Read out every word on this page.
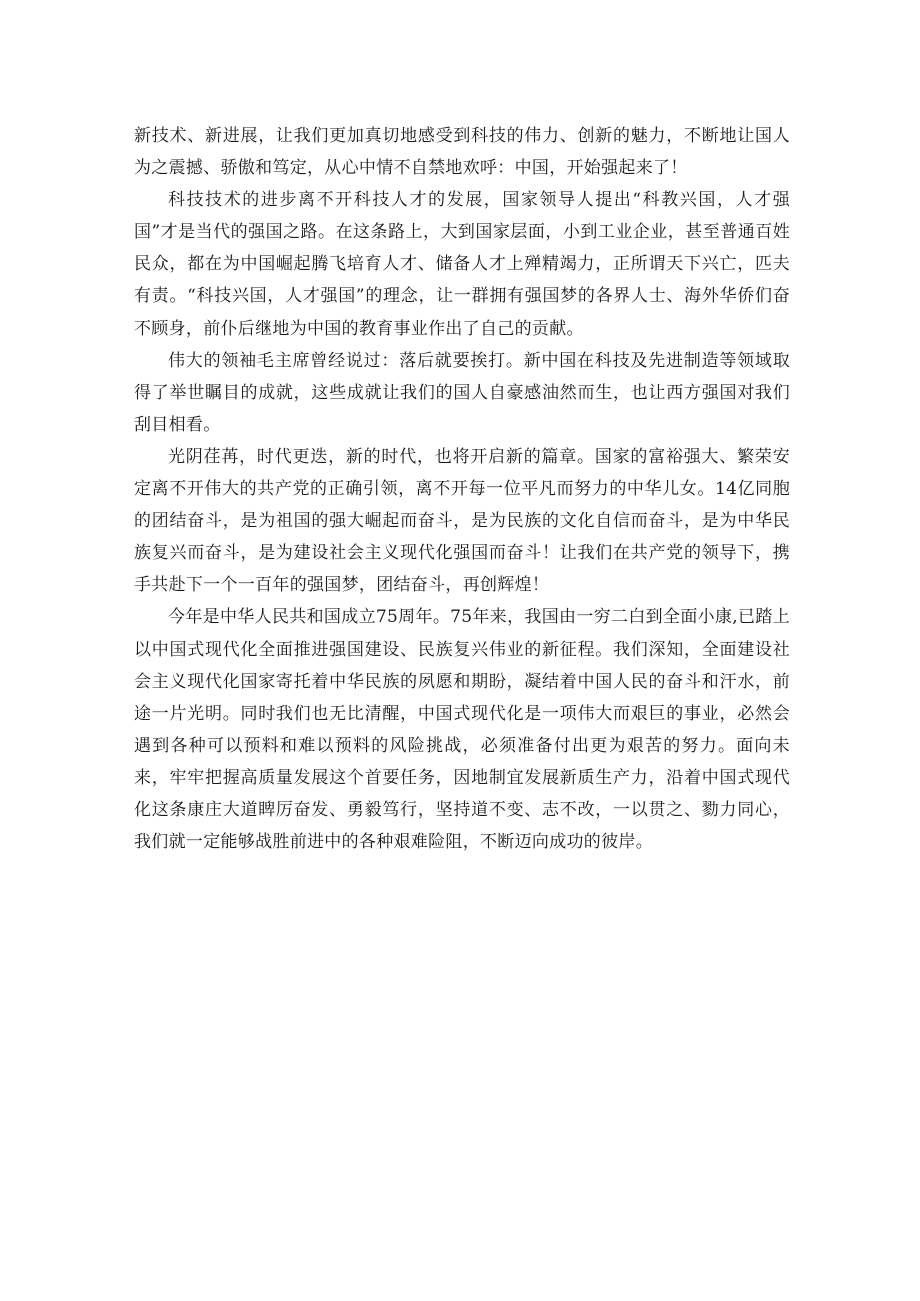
新技术、新进展，让我们更加真切地感受到科技的伟力、创新的魅力，不断地让国人为之震撼、骄傲和笃定，从心中情不自禁地欢呼：中国，开始强起来了！

科技技术的进步离不开科技人才的发展，国家领导人提出“科教兴国，人才强国”才是当代的强国之路。在这条路上，大到国家层面，小到工业企业，甚至普通百姓民众，都在为中国崛起腾飞培育人才、储备人才上殚精竭力，正所谓天下兴亡，匹夫有责。“科技兴国，人才强国”的理念，让一群拥有强国梦的各界人士、海外华侨们奋不顾身，前仆后继地为中国的教育事业作出了自己的贡献。

伟大的领袖毛主席曾经说过：落后就要挨打。新中国在科技及先进制造等领域取得了举世瞩目的成就，这些成就让我们的国人自豪感油然而生，也让西方强国对我们刮目相看。

光阴荏苒，时代更迭，新的时代，也将开启新的篇章。国家的富裕强大、繁荣安定离不开伟大的共产党的正确引领，离不开每一位平凡而努力的中华儿女。14亿同胞的团结奋斗，是为祖国的强大崛起而奋斗，是为民族的文化自信而奋斗，是为中华民族复兴而奋斗，是为建设社会主义现代化强国而奋斗！让我们在共产党的领导下，携手共赴下一个一百年的强国梦，团结奋斗，再创辉煌！

今年是中华人民共和国成立75周年。75年来，我国由一穷二白到全面小康,已踏上以中国式现代化全面推进强国建设、民族复兴伟业的新征程。我们深知，全面建设社会主义现代化国家寄托着中华民族的夙愿和期盼，凝结着中国人民的奋斗和汗水，前途一片光明。同时我们也无比清醒，中国式现代化是一项伟大而艰巨的事业，必然会遇到各种可以预料和难以预料的风险挑战，必须准备付出更为艰苦的努力。面向未来，牢牢把握高质量发展这个首要任务，因地制宜发展新质生产力，沿着中国式现代化这条康庄大道睥厉奋发、勇毅笃行，坚持道不变、志不改，一以贯之、勠力同心，我们就一定能够战胜前进中的各种艰难险阻，不断迈向成功的彼岸。
